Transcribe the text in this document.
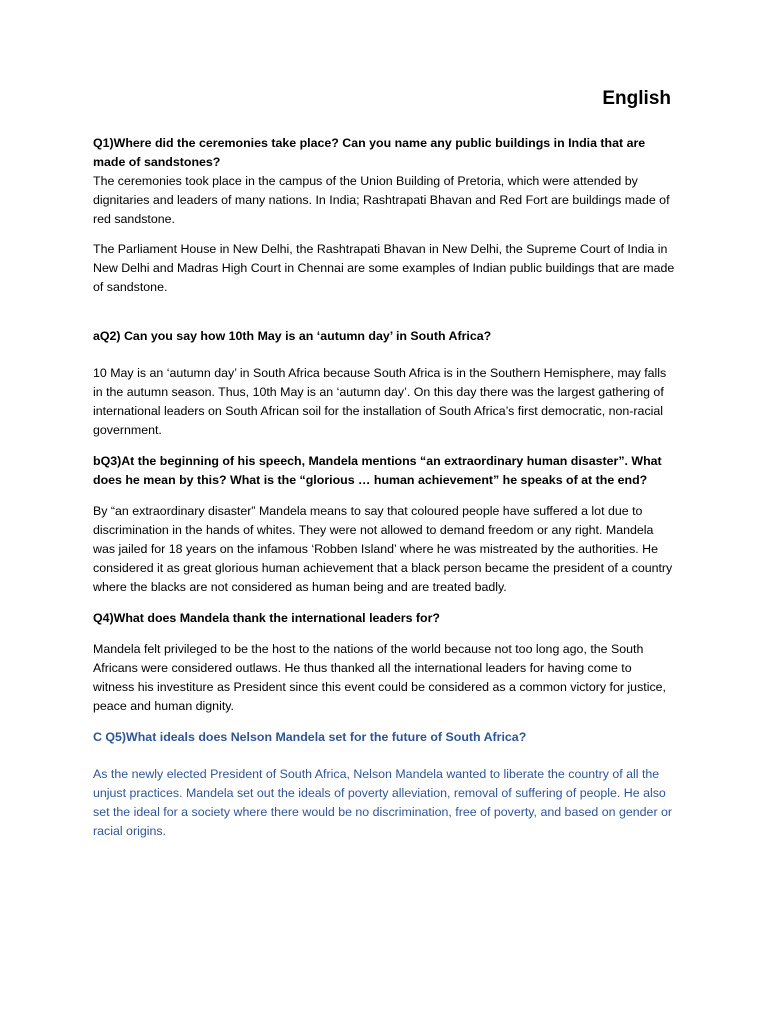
English

Q1)Where did the ceremonies take place? Can you name any public buildings in India that are made of sandstones?

The ceremonies took place in the campus of the Union Building of Pretoria, which were attended by dignitaries and leaders of many nations. In India; Rashtrapati Bhavan and Red Fort are buildings made of red sandstone.

The Parliament House in New Delhi, the Rashtrapati Bhavan in New Delhi, the Supreme Court of India in New Delhi and Madras High Court in Chennai are some examples of Indian public buildings that are made of sandstone.

aQ2) Can you say how 10th May is an ‘autumn day’ in South Africa?

10 May is an ‘autumn day’ in South Africa because South Africa is in the Southern Hemisphere, may falls in the autumn season. Thus, 10th May is an ‘autumn day’. On this day there was the largest gathering of international leaders on South African soil for the installation of South Africa’s first democratic, non-racial government.

bQ3)At the beginning of his speech, Mandela mentions “an extraordinary human disaster”. What does he mean by this? What is the “glorious … human achievement” he speaks of at the end?

By “an extraordinary disaster” Mandela means to say that coloured people have suffered a lot due to discrimination in the hands of whites. They were not allowed to demand freedom or any right. Mandela was jailed for 18 years on the infamous ‘Robben Island’ where he was mistreated by the authorities. He considered it as great glorious human achievement that a black person became the president of a country where the blacks are not considered as human being and are treated badly.

Q4)What does Mandela thank the international leaders for?

Mandela felt privileged to be the host to the nations of the world because not too long ago, the South Africans were considered outlaws. He thus thanked all the international leaders for having come to witness his investiture as President since this event could be considered as a common victory for justice, peace and human dignity.

C Q5)What ideals does Nelson Mandela set for the future of South Africa?

As the newly elected President of South Africa, Nelson Mandela wanted to liberate the country of all the unjust practices. Mandela set out the ideals of poverty alleviation, removal of suffering of people. He also set the ideal for a society where there would be no discrimination, free of poverty, and based on gender or racial origins.
